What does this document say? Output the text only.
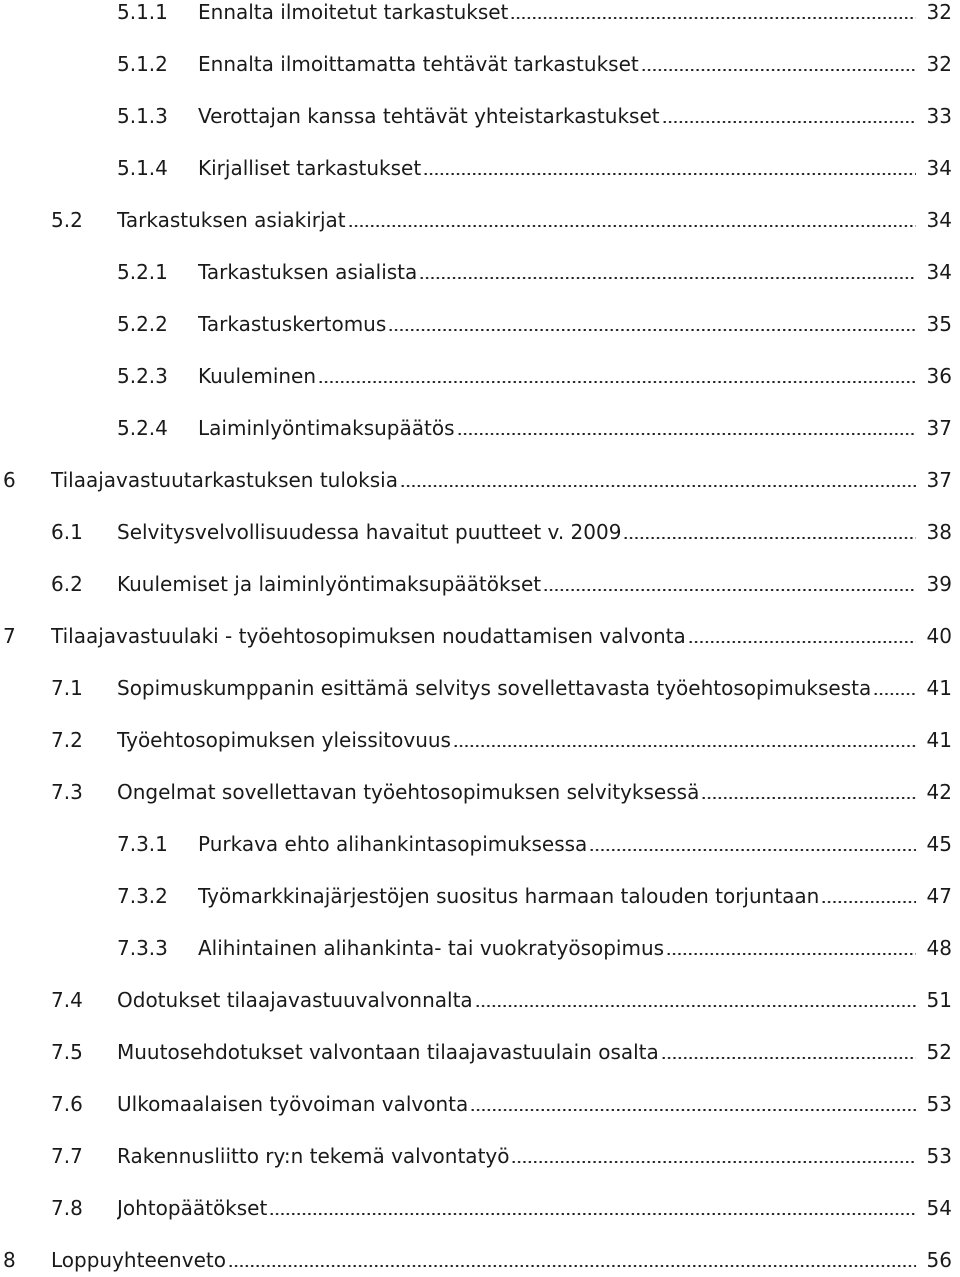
5.1.1	Ennalta ilmoitetut tarkastukset	32
5.1.2	Ennalta ilmoittamatta tehtävät tarkastukset	32
5.1.3	Verottajan kanssa tehtävät yhteistarkastukset	33
5.1.4	Kirjalliset tarkastukset	34
5.2	Tarkastuksen asiakirjat	34
5.2.1	Tarkastuksen asialista	34
5.2.2	Tarkastuskertomus	35
5.2.3	Kuuleminen	36
5.2.4	Laiminlyöntimaksupäätös	37
6	Tilaajavastuutarkastuksen tuloksia	37
6.1	Selvitysvelvollisuudessa havaitut puutteet v. 2009	38
6.2	Kuulemiset ja laiminlyöntimaksupäätökset	39
7	Tilaajavastuulaki - työehtosopimuksen noudattamisen valvonta	40
7.1	Sopimuskumppanin esittämä selvitys sovellettavasta työehtosopimuksesta	41
7.2	Työehtosopimuksen yleissitovuus	41
7.3	Ongelmat sovellettavan työehtosopimuksen selvityksessä	42
7.3.1	Purkava ehto alihankintasopimuksessa	45
7.3.2	Työmarkkinajärjestöjen suositus harmaan talouden torjuntaan	47
7.3.3	Alihintainen alihankinta- tai vuokratyösopimus	48
7.4	Odotukset tilaajavastuuvalvonnalta	51
7.5	Muutosehdotukset valvontaan tilaajavastuulain osalta	52
7.6	Ulkomaalaisen työvoiman valvonta	53
7.7	Rakennusliitto ry:n tekemä valvontatyö	53
7.8	Johtopäätökset	54
8	Loppuyhteenveto	56
